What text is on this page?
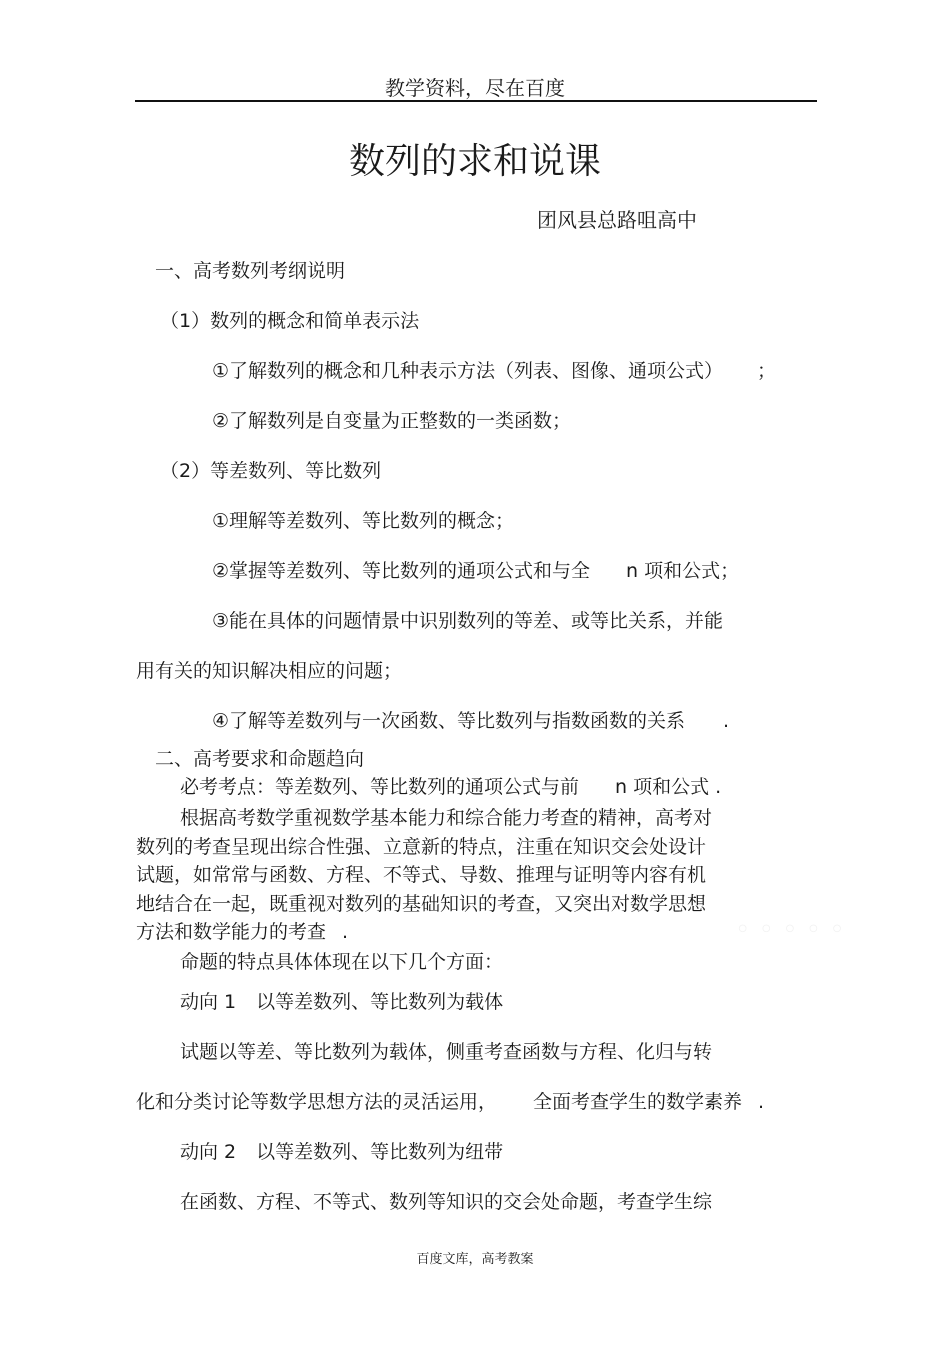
教学资料，尽在百度
数列的求和说课
团风县总路咀高中
一、高考数列考纲说明
（1）数列的概念和简单表示法
①了解数列的概念和几种表示方法（列表、图像、通项公式） ；
②了解数列是自变量为正整数的一类函数；
（2）等差数列、等比数列
①理解等差数列、等比数列的概念；
②掌握等差数列、等比数列的通项公式和与全 n 项和公式；
③能在具体的问题情景中识别数列的等差、或等比关系，并能
用有关的知识解决相应的问题；
④了解等差数列与一次函数、等比数列与指数函数的关系 .
二、高考要求和命题趋向
必考考点：等差数列、等比数列的通项公式与前 n 项和公式 .
根据高考数学重视数学基本能力和综合能力考查的精神，高考对
数列的考查呈现出综合性强、立意新的特点，注重在知识交会处设计
试题，如常常与函数、方程、不等式、导数、推理与证明等内容有机
地结合在一起，既重视对数列的基础知识的考查，又突出对数学思想
方法和数学能力的考查 .	◦ ◦ ◦ ◦ ◦
命题的特点具体体现在以下几个方面：
动向 1 以等差数列、等比数列为载体
试题以等差、等比数列为载体，侧重考查函数与方程、化归与转
化和分类讨论等数学思想方法的灵活运用， 全面考查学生的数学素养 .
动向 2 以等差数列、等比数列为纽带
在函数、方程、不等式、数列等知识的交会处命题，考查学生综
百度文库，高考教案
